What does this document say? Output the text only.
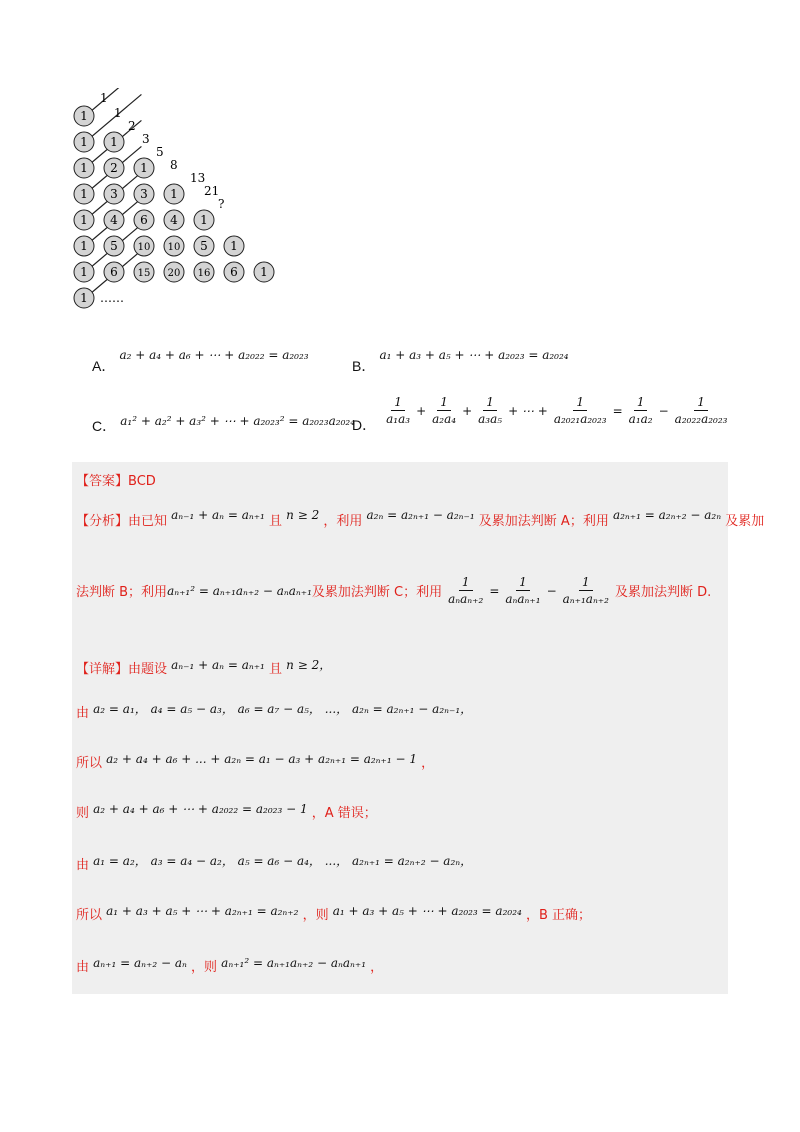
1
1 1
1 2 1
1 3 3 1
1 4 6 4 1
1 5 10 10 5 1
1 6 15 20 16 6 1
1
1
1
2
3
5
8
13
21
?
……
A． a₂ + a₄ + a₆ + ⋯ + a₂₀₂₂ = a₂₀₂₃
B． a₁ + a₃ + a₅ + ⋯ + a₂₀₂₃ = a₂₀₂₄
C． a₁² + a₂² + a₃² + ⋯ + a₂₀₂₃² = a₂₀₂₃a₂₀₂₄
D． $\frac{1}{\text{a₁a₃}} + \frac{1}{\text{a₂a₄}} + \frac{1}{\text{a₃a₅}}$ + ⋯ + $\frac{1}{\text{a₂₀₂₁a₂₀₂₃}} = \frac{1}{\text{a₁a₂}} - \frac{1}{\text{a₂₀₂₂a₂₀₂₃}}$
【答案】BCD
【分析】由已知 aₙ₋₁ + aₙ = aₙ₊₁ 且 n ≥ 2 ，利用 a₂ₙ = a₂ₙ₊₁ − a₂ₙ₋₁ 及累加法判断 A；利用 a₂ₙ₊₁ = a₂ₙ₊₂ − a₂ₙ 及累加
法判断 B；利用 aₙ₊₁² = aₙ₊₁aₙ₊₂ − aₙaₙ₊₁ 及累加法判断 C；利用 $\frac{1}{\text{aₙaₙ₊₂}} = \frac{1}{\text{aₙaₙ₊₁}} - \frac{1}{\text{aₙ₊₁aₙ₊₂}}$ 及累加法判断 D.
【详解】由题设 aₙ₋₁ + aₙ = aₙ₊₁ 且 n ≥ 2，
由 a₂ = a₁， a₄ = a₅ − a₃， a₆ = a₇ − a₅， ...， a₂ₙ = a₂ₙ₊₁ − a₂ₙ₋₁，
所以 a₂ + a₄ + a₆ + ... + a₂ₙ = a₁ − a₃ + a₂ₙ₊₁ = a₂ₙ₊₁ − 1 ，
则 a₂ + a₄ + a₆ + ⋯ + a₂₀₂₂ = a₂₀₂₃ − 1 ，A 错误；
由 a₁ = a₂， a₃ = a₄ − a₂， a₅ = a₆ − a₄， ...， a₂ₙ₊₁ = a₂ₙ₊₂ − a₂ₙ，
所以 a₁ + a₃ + a₅ + ⋯ + a₂ₙ₊₁ = a₂ₙ₊₂ ，则 a₁ + a₃ + a₅ + ⋯ + a₂₀₂₃ = a₂₀₂₄ ，B 正确；
由 aₙ₊₁ = aₙ₊₂ − aₙ ，则 aₙ₊₁² = aₙ₊₁aₙ₊₂ − aₙaₙ₊₁ ，
